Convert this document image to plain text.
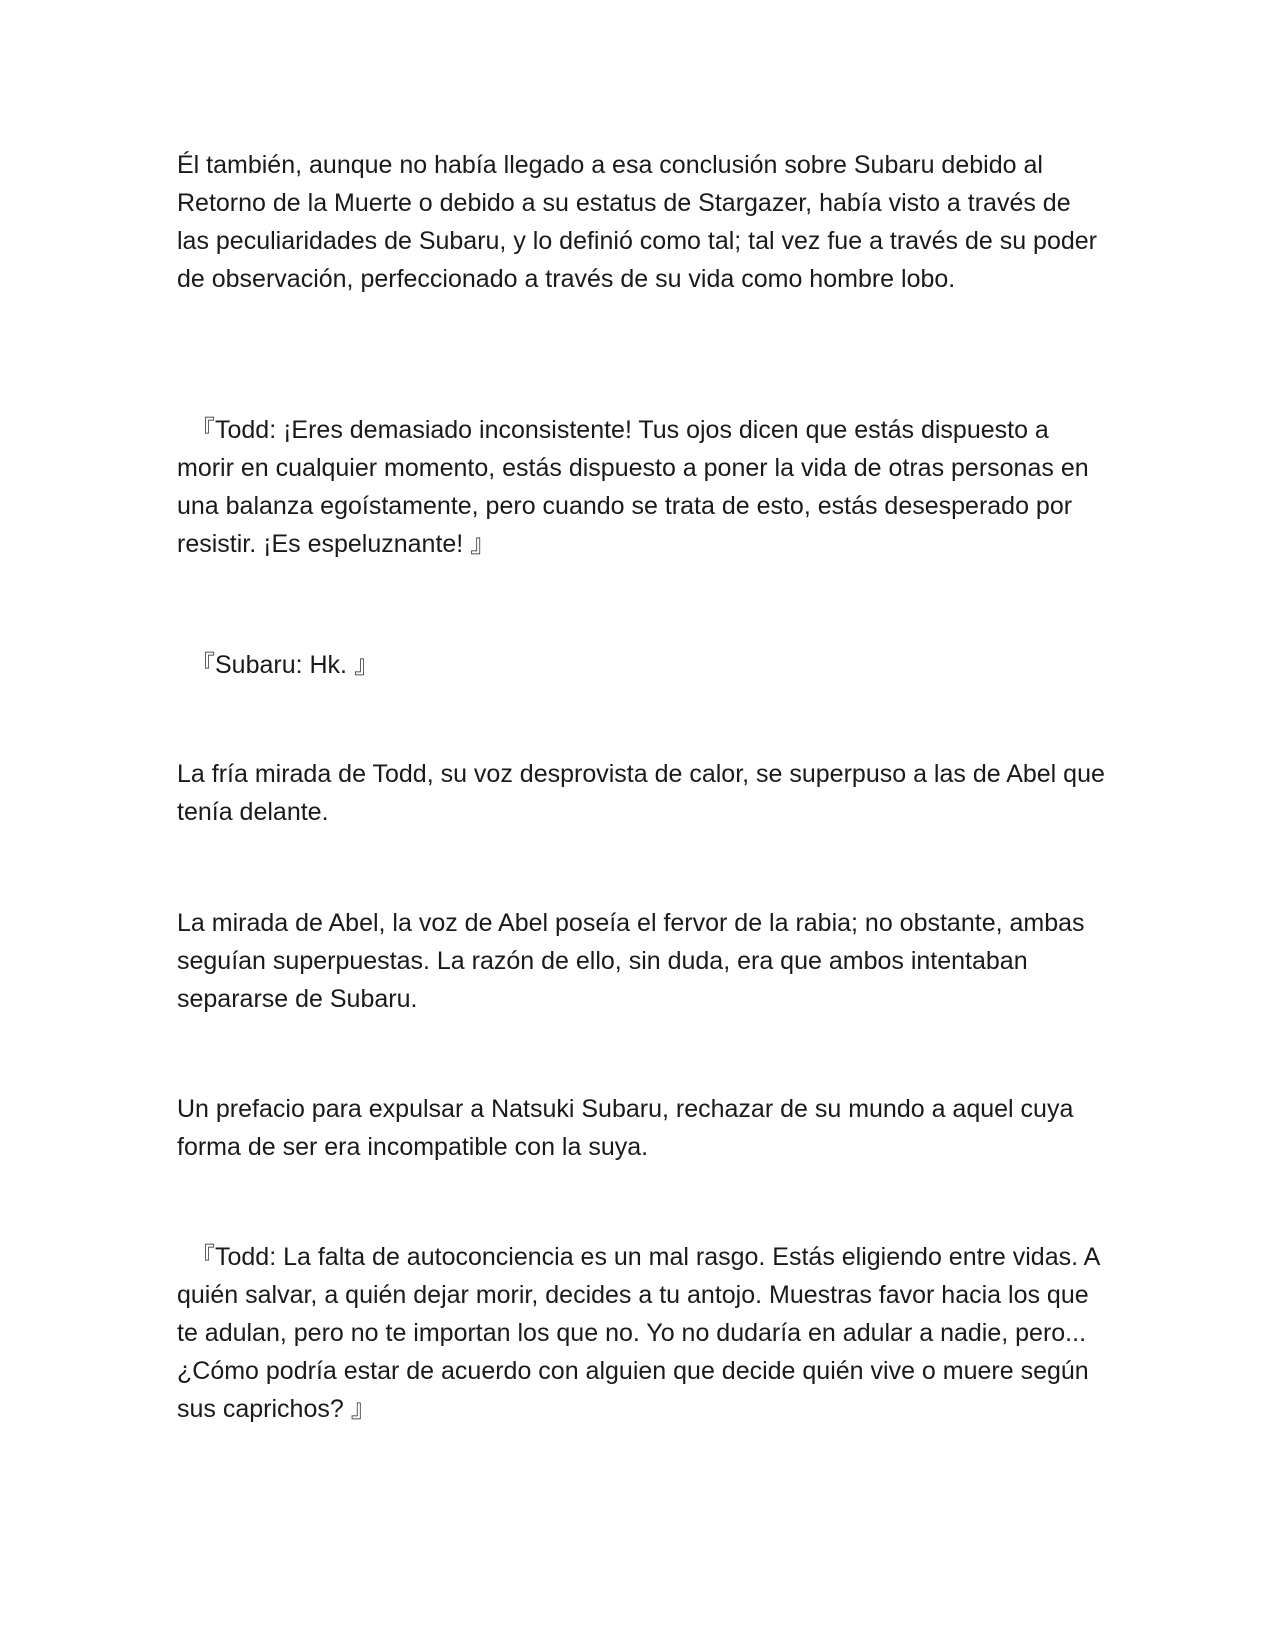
Él también, aunque no había llegado a esa conclusión sobre Subaru debido al Retorno de la Muerte o debido a su estatus de Stargazer, había visto a través de las peculiaridades de Subaru, y lo definió como tal; tal vez fue a través de su poder de observación, perfeccionado a través de su vida como hombre lobo.

『Todd: ¡Eres demasiado inconsistente! Tus ojos dicen que estás dispuesto a morir en cualquier momento, estás dispuesto a poner la vida de otras personas en una balanza egoístamente, pero cuando se trata de esto, estás desesperado por resistir. ¡Es espeluznante! 』

『Subaru: Hk. 』

La fría mirada de Todd, su voz desprovista de calor, se superpuso a las de Abel que tenía delante.

La mirada de Abel, la voz de Abel poseía el fervor de la rabia; no obstante, ambas seguían superpuestas. La razón de ello, sin duda, era que ambos intentaban separarse de Subaru.

Un prefacio para expulsar a Natsuki Subaru, rechazar de su mundo a aquel cuya forma de ser era incompatible con la suya.

『Todd: La falta de autoconciencia es un mal rasgo. Estás eligiendo entre vidas. A quién salvar, a quién dejar morir, decides a tu antojo. Muestras favor hacia los que te adulan, pero no te importan los que no. Yo no dudaría en adular a nadie, pero... ¿Cómo podría estar de acuerdo con alguien que decide quién vive o muere según sus caprichos? 』
